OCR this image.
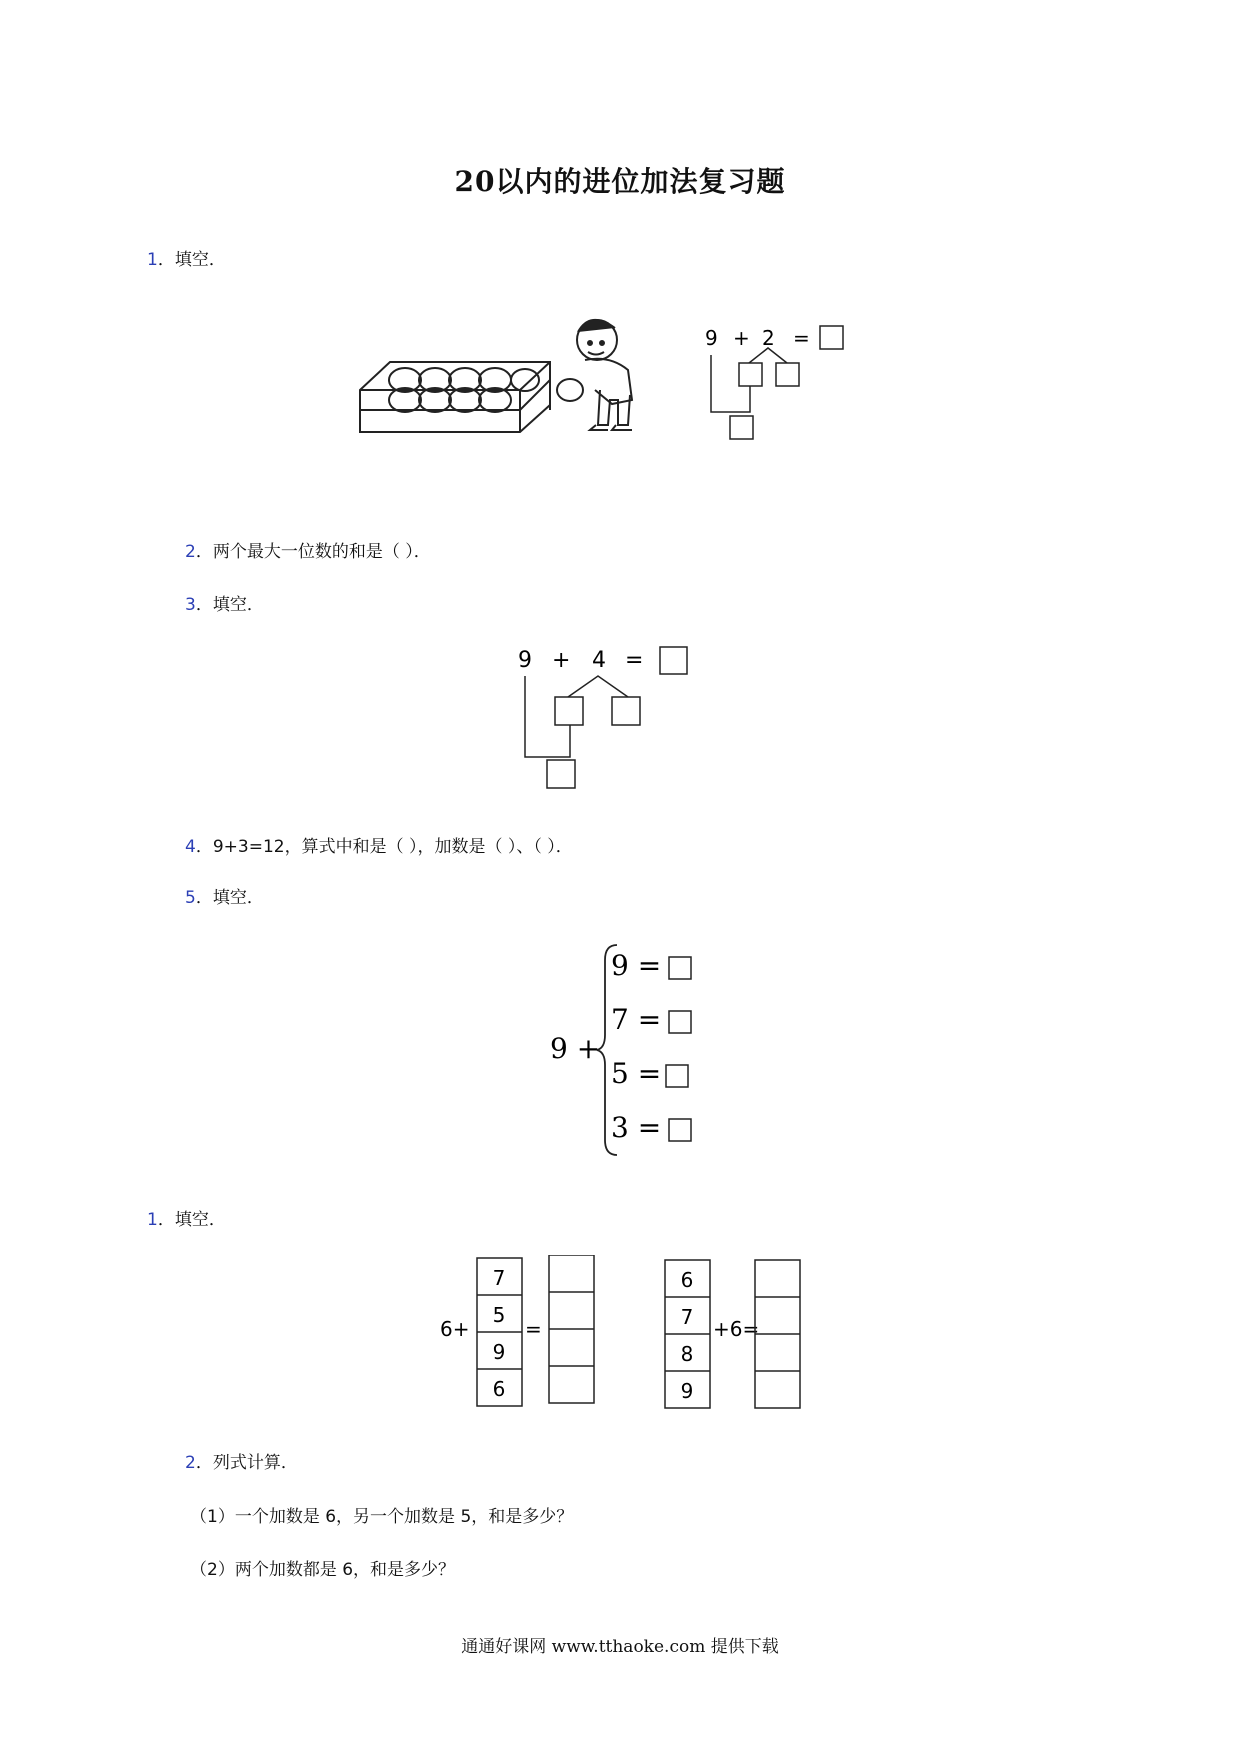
20以内的进位加法复习题
1．填空．
9 + 2 =
2．两个最大一位数的和是（ ）．
3．填空．
9 + 4 =
4．9+3=12，算式中和是（ ），加数是（ ）、（ ）．
5．填空．
9 +
9 =
7 =
5 =
3 =
1．填空．
6+
7
5
9
6
=
6
7
8
9
+6=
2．列式计算．
（1）一个加数是 6，另一个加数是 5，和是多少？
（2）两个加数都是 6，和是多少？
通通好课网 www.tthaoke.com 提供下载
